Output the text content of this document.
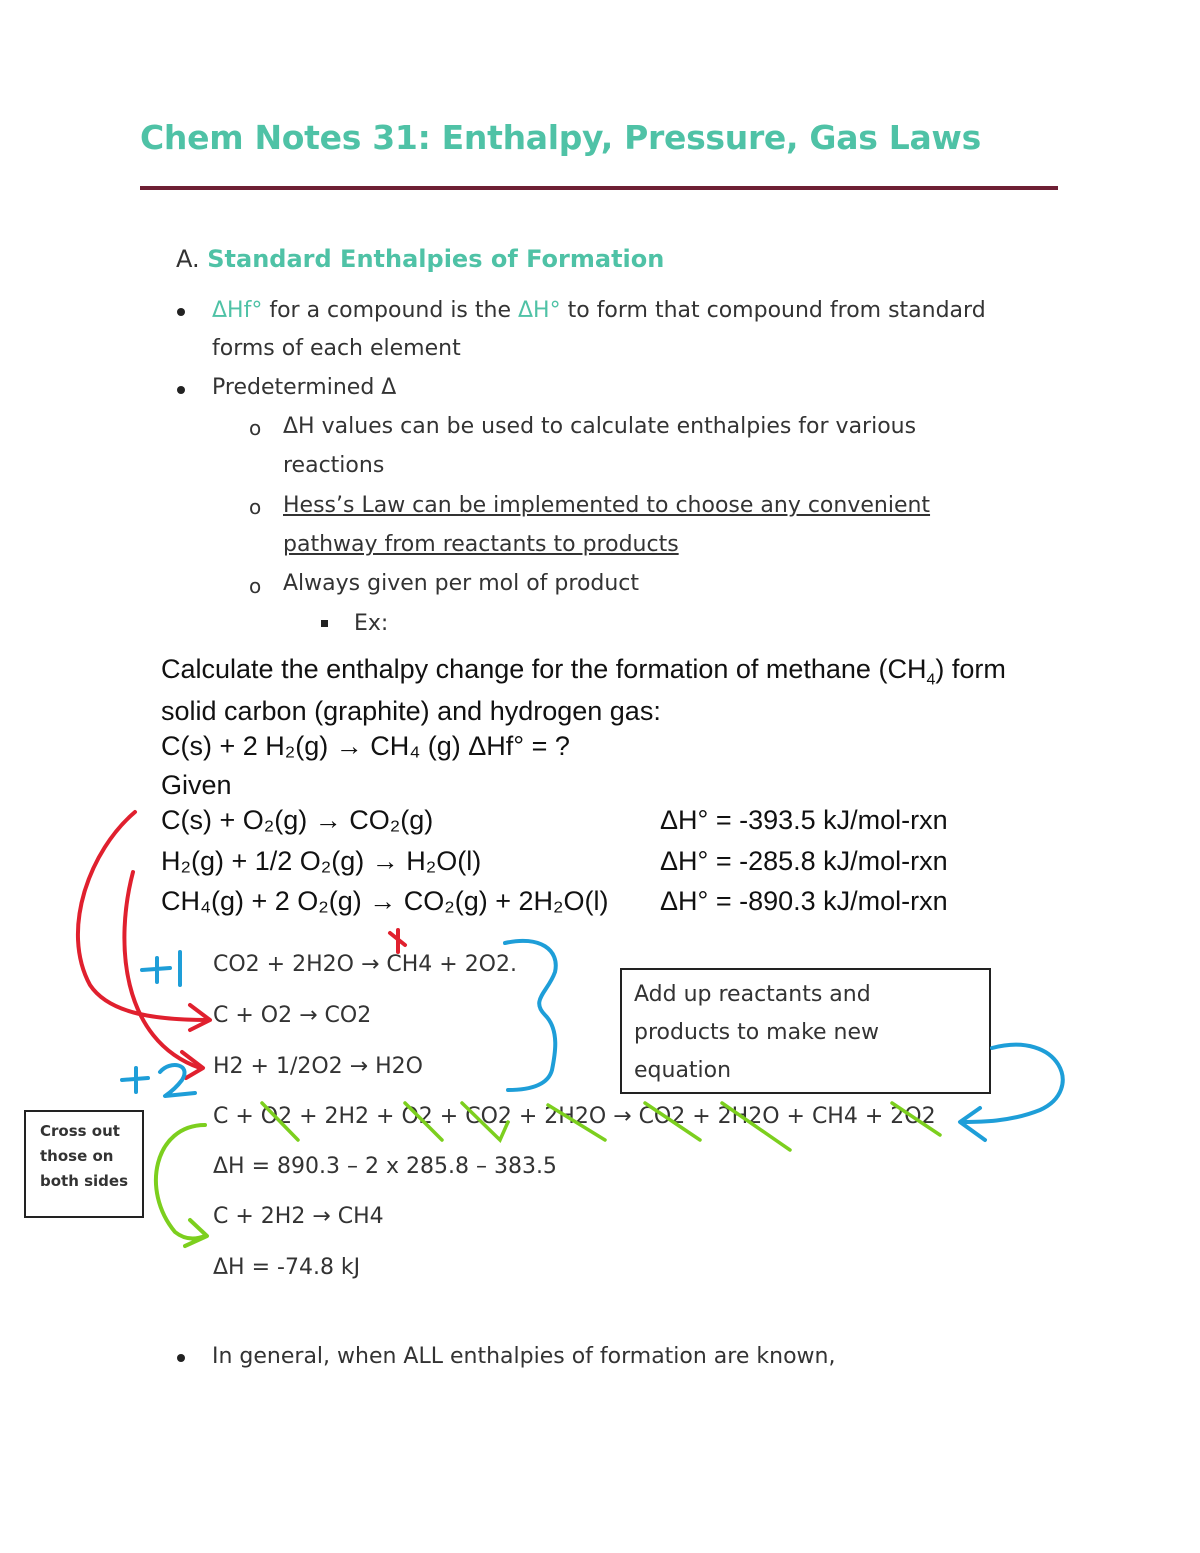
Chem Notes 31: Enthalpy, Pressure, Gas Laws
A. Standard Enthalpies of Formation
ΔHf° for a compound is the ΔH° to form that compound from standard
forms of each element
Predetermined Δ
o ΔH values can be used to calculate enthalpies for various
reactions
o Hess’s Law can be implemented to choose any convenient
pathway from reactants to products
o Always given per mol of product
Ex:
Calculate the enthalpy change for the formation of methane $(CH_4)$ form
solid carbon (graphite) and hydrogen gas:
C(s) + 2 H₂(g) → CH₄ (g) ΔHf° = ?
Given
C(s) + O₂(g) → CO₂(g)	ΔH° = -393.5 kJ/mol-rxn
H₂(g) + 1/2 O₂(g) → H₂O(l)	ΔH° = -285.8 kJ/mol-rxn
CH₄(g) + 2 O₂(g) → CO₂(g) + 2H₂O(l) ΔH° = -890.3 kJ/mol-rxn
CO2 + 2H2O → CH4 + 2O2.
C + O2 → CO2
H2 + 1/2O2 → H2O
C + O2 + 2H2 + O2 + CO2 + 2H2O → CO2 + 2H2O + CH4 + 2O2
ΔH = 890.3 – 2 x 285.8 – 383.5
C + 2H2 → CH4
ΔH = -74.8 kJ
Add up reactants and
products to make new
equation
Cross out
those on
both sides
In general, when ALL enthalpies of formation are known,
